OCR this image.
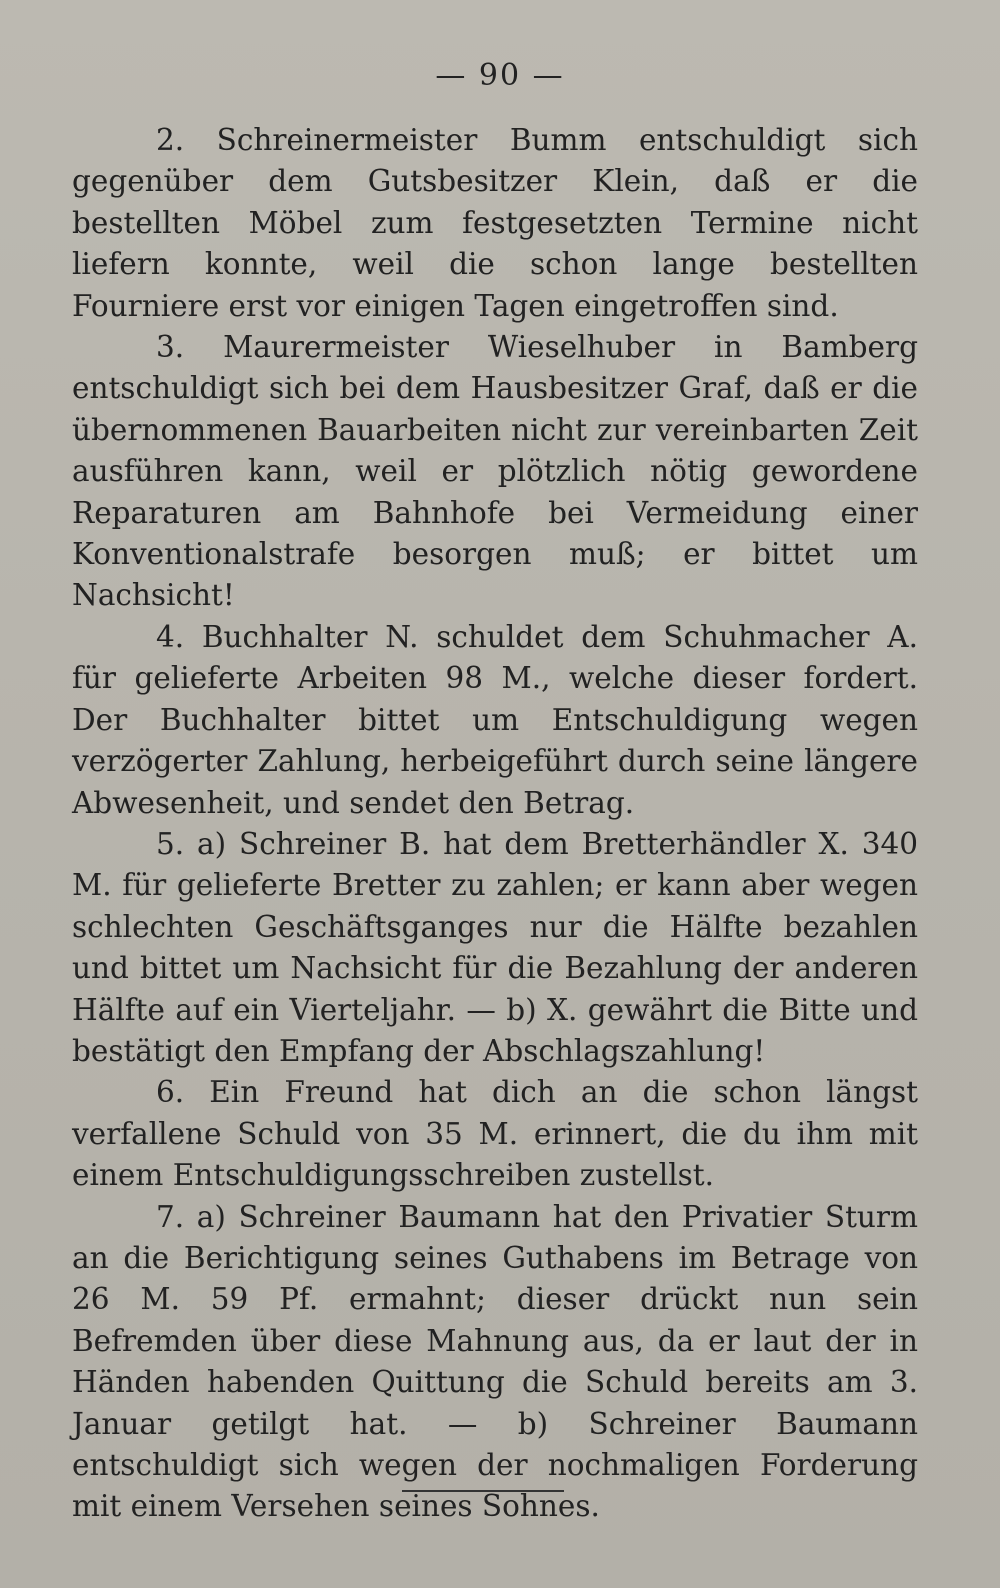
— 90 —

2. Schreinermeister Bumm entschuldigt sich gegenüber dem Gutsbesitzer Klein, daß er die bestellten Möbel zum festgesetzten Termine nicht liefern konnte, weil die schon lange bestellten Fourniere erst vor einigen Tagen eingetroffen sind.

3. Maurermeister Wieselhuber in Bamberg entschuldigt sich bei dem Hausbesitzer Graf, daß er die übernommenen Bauarbeiten nicht zur vereinbarten Zeit ausführen kann, weil er plötzlich nötig gewordene Reparaturen am Bahnhofe bei Vermeidung einer Konventionalstrafe besorgen muß; er bittet um Nachsicht!

4. Buchhalter N. schuldet dem Schuhmacher A. für gelieferte Arbeiten 98 M., welche dieser fordert. Der Buchhalter bittet um Entschuldigung wegen verzögerter Zahlung, herbeigeführt durch seine längere Abwesenheit, und sendet den Betrag.

5. a) Schreiner B. hat dem Bretterhändler X. 340 M. für gelieferte Bretter zu zahlen; er kann aber wegen schlechten Geschäftsganges nur die Hälfte bezahlen und bittet um Nachsicht für die Bezahlung der anderen Hälfte auf ein Vierteljahr. — b) X. gewährt die Bitte und bestätigt den Empfang der Abschlagszahlung!

6. Ein Freund hat dich an die schon längst verfallene Schuld von 35 M. erinnert, die du ihm mit einem Entschuldigungsschreiben zustellst.

7. a) Schreiner Baumann hat den Privatier Sturm an die Berichtigung seines Guthabens im Betrage von 26 M. 59 Pf. ermahnt; dieser drückt nun sein Befremden über diese Mahnung aus, da er laut der in Händen habenden Quittung die Schuld bereits am 3. Januar getilgt hat. — b) Schreiner Baumann entschuldigt sich wegen der nochmaligen Forderung mit einem Versehen seines Sohnes.
